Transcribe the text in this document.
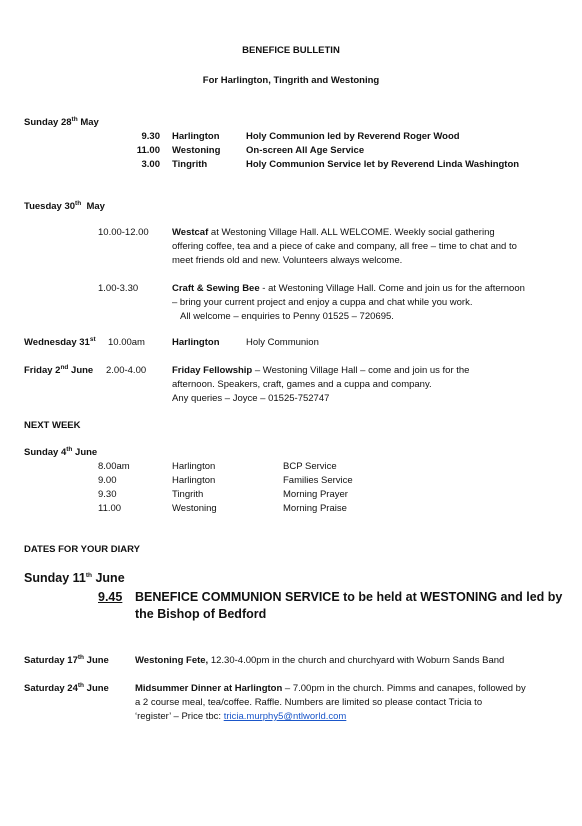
BENEFICE BULLETIN
For Harlington, Tingrith and Westoning
Sunday 28th May
9.30 Harlington	Holy Communion led by Reverend Roger Wood
11.00 Westoning	On-screen All Age Service
3.00 Tingrith	Holy Communion Service let by Reverend Linda Washington
Tuesday 30th May
10.00-12.00 Westcaf at Westoning Village Hall. ALL WELCOME. Weekly social gathering
offering coffee, tea and a piece of cake and company, all free – time to chat and to
meet friends old and new. Volunteers always welcome.
1.00-3.30	Craft & Sewing Bee - at Westoning Village Hall. Come and join us for the afternoon
– bring your current project and enjoy a cuppa and chat while you work.
All welcome – enquiries to Penny 01525 – 720695.
Wednesday 31st 10.00am	Harlington	Holy Communion
Friday 2nd June 2.00-4.00	Friday Fellowship – Westoning Village Hall – come and join us for the
afternoon. Speakers, craft, games and a cuppa and company.
Any queries – Joyce – 01525-752747
NEXT WEEK
Sunday 4th June
8.00am	Harlington	BCP Service
9.00	Harlington	Families Service
9.30	Tingrith	Morning Prayer
11.00	Westoning	Morning Praise
DATES FOR YOUR DIARY
Sunday 11th June
9.45 BENEFICE COMMUNION SERVICE to be held at WESTONING and led by
the Bishop of Bedford
Saturday 17th June	Westoning Fete, 12.30-4.00pm in the church and churchyard with Woburn Sands Band
Saturday 24th June	Midsummer Dinner at Harlington – 7.00pm in the church. Pimms and canapes, followed by
a 2 course meal, tea/coffee. Raffle. Numbers are limited so please contact Tricia to
‘register’ – Price tbc: tricia.murphy5@ntlworld.com
